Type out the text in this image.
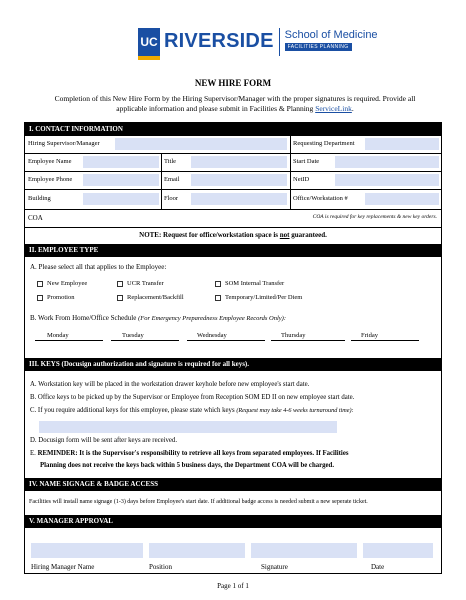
UC RIVERSIDE School of Medicine
FACILITIES PLANNING
NEW HIRE FORM
Completion of this New Hire Form by the Hiring Supervisor/Manager with the proper signatures is required. Provide all applicable information and please submit in Facilities & Planning ServiceLink.
I. CONTACT INFORMATION
Hiring Supervisor/Manager	Requesting Department
Employee Name	Title	Start Date
Employee Phone	Email	NetID
Building	Floor	Office/Workstation #
COA	COA is required for key replacements & new key orders.
NOTE: Request for office/workstation space is not guaranteed.
II. EMPLOYEE TYPE
A. Please select all that applies to the Employee:
New Employee	UCR Transfer	SOM Internal Transfer
Promotion	Replacement/Backfill	Temporary/Limited/Per Diem
B. Work From Home/Office Schedule (For Emergency Preparedness Employee Records Only):
Monday	Tuesday	Wednesday	Thursday	Friday
III. KEYS (Docusign authorization and signature is required for all keys).
A. Workstation key will be placed in the workstation drawer keyhole before new employee's start date.
B. Office keys to be picked up by the Supervisor or Employee from Reception SOM ED II on new employee start date.
C. If you require additional keys for this employee, please state which keys (Request may take 4-6 weeks turnaround time):
D. Docusign form will be sent after keys are received.
E. REMINDER: It is the Supervisor's responsibility to retrieve all keys from separated employees. If Facilities
Planning does not receive the keys back within 5 business days, the Department COA will be charged.
IV. NAME SIGNAGE & BADGE ACCESS
Facilities will install name signage (1-3) days before Employee's start date. If additional badge access is needed submit a new seperate ticket.
V. MANAGER APPROVAL
Hiring Manager Name	Position	Signature	Date
Page 1 of 1
